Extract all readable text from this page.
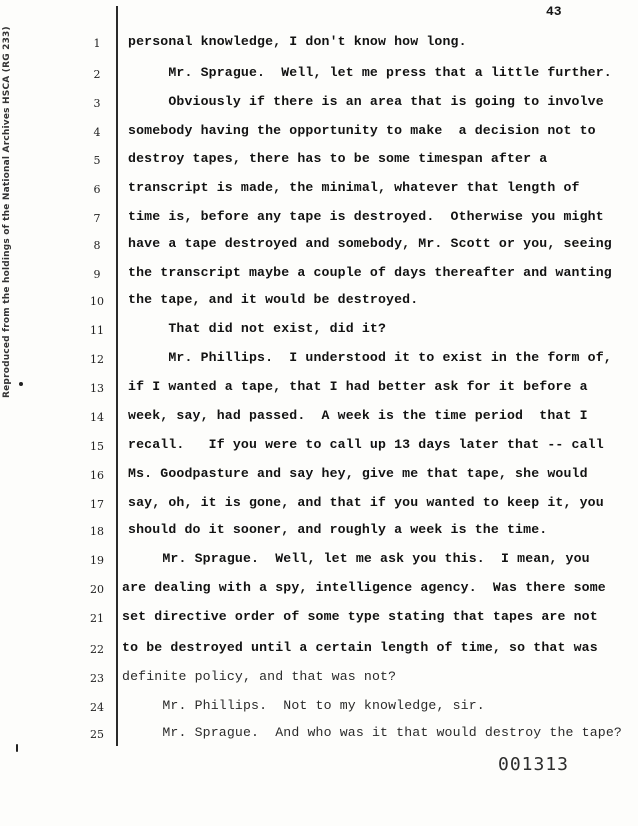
43
Reproduced from the holdings of the National Archives HSCA (RG 233)	1	personal knowledge, I don't know how long.
2	Mr. Sprague.  Well, let me press that a little further.
3	Obviously if there is an area that is going to involve
4	somebody having the opportunity to make  a decision not to
5	destroy tapes, there has to be some timespan after a
6	transcript is made, the minimal, whatever that length of
7	time is, before any tape is destroyed.  Otherwise you might
8	have a tape destroyed and somebody, Mr. Scott or you, seeing
9	the transcript maybe a couple of days thereafter and wanting
10	the tape, and it would be destroyed.
11	That did not exist, did it?
12	Mr. Phillips.  I understood it to exist in the form of,
13	if I wanted a tape, that I had better ask for it before a
14	week, say, had passed.  A week is the time period  that I
15	recall.   If you were to call up 13 days later that -- call
16	Ms. Goodpasture and say hey, give me that tape, she would
17	say, oh, it is gone, and that if you wanted to keep it, you
18	should do it sooner, and roughly a week is the time.
19	Mr. Sprague.  Well, let me ask you this.  I mean, you
20	are dealing with a spy, intelligence agency.  Was there some
21	set directive order of some type stating that tapes are not
22	to be destroyed until a certain length of time, so that was
23	definite policy, and that was not?
24	Mr. Phillips.  Not to my knowledge, sir.
25	Mr. Sprague.  And who was it that would destroy the tape?
001313
